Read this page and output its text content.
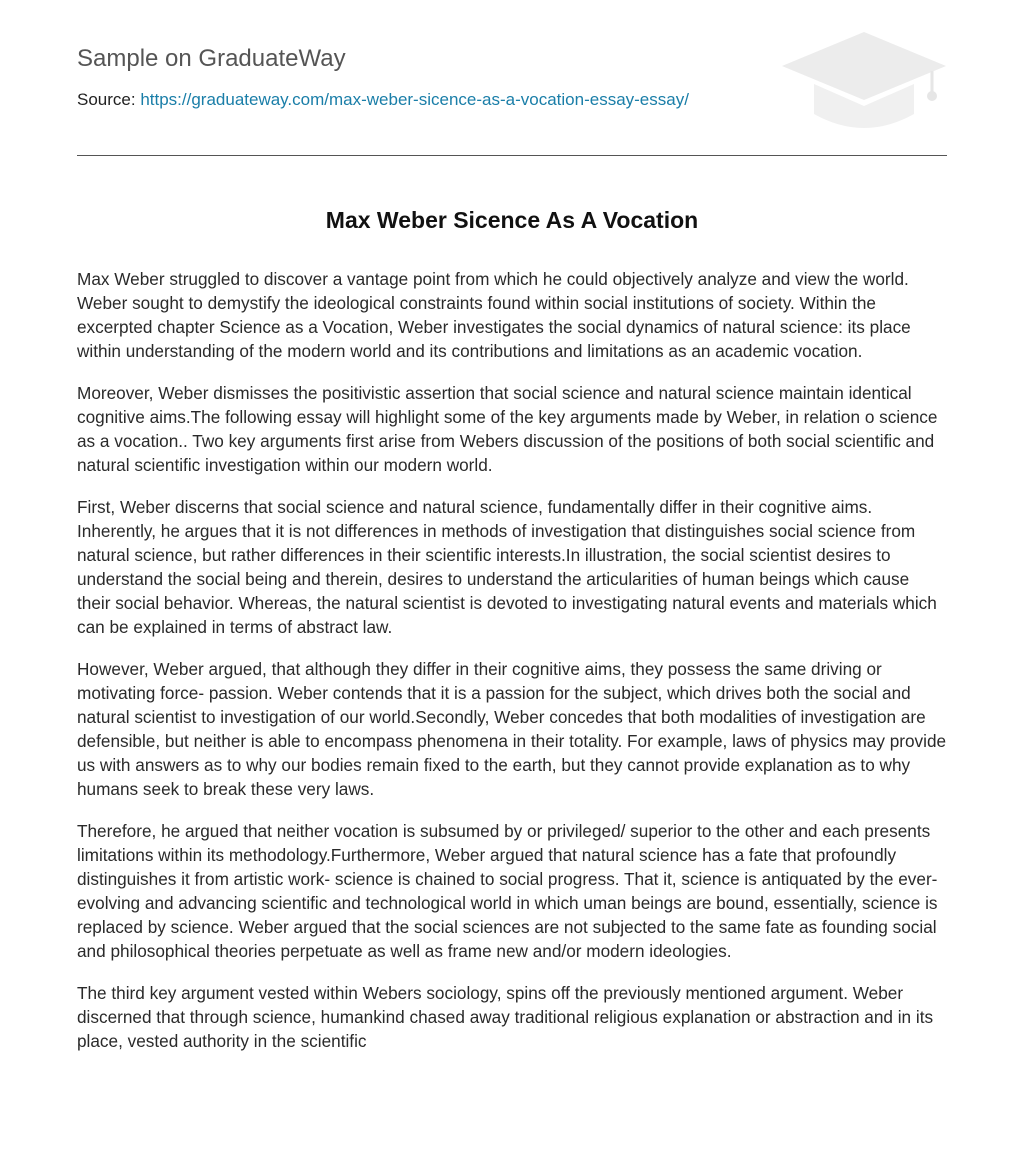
Sample on GraduateWay
Source: https://graduateway.com/max-weber-sicence-as-a-vocation-essay-essay/
Max Weber Sicence As A Vocation

Max Weber struggled to discover a vantage point from which he could objectively analyze and view the world. Weber sought to demystify the ideological constraints found within social institutions of society. Within the excerpted chapter Science as a Vocation, Weber investigates the social dynamics of natural science: its place within understanding of the modern world and its contributions and limitations as an academic vocation.

Moreover, Weber dismisses the positivistic assertion that social science and natural science maintain identical cognitive aims.The following essay will highlight some of the key arguments made by Weber, in relation o science as a vocation.. Two key arguments first arise from Webers discussion of the positions of both social scientific and natural scientific investigation within our modern world.

First, Weber discerns that social science and natural science, fundamentally differ in their cognitive aims. Inherently, he argues that it is not differences in methods of investigation that distinguishes social science from natural science, but rather differences in their scientific interests.In illustration, the social scientist desires to understand the social being and therein, desires to understand the articularities of human beings which cause their social behavior. Whereas, the natural scientist is devoted to investigating natural events and materials which can be explained in terms of abstract law.

However, Weber argued, that although they differ in their cognitive aims, they possess the same driving or motivating force- passion. Weber contends that it is a passion for the subject, which drives both the social and natural scientist to investigation of our world.Secondly, Weber concedes that both modalities of investigation are defensible, but neither is able to encompass phenomena in their totality. For example, laws of physics may provide us with answers as to why our bodies remain fixed to the earth, but they cannot provide explanation as to why humans seek to break these very laws.

Therefore, he argued that neither vocation is subsumed by or privileged/ superior to the other and each presents limitations within its methodology.Furthermore, Weber argued that natural science has a fate that profoundly distinguishes it from artistic work- science is chained to social progress. That it, science is antiquated by the ever- evolving and advancing scientific and technological world in which uman beings are bound, essentially, science is replaced by science. Weber argued that the social sciences are not subjected to the same fate as founding social and philosophical theories perpetuate as well as frame new and/or modern ideologies.

The third key argument vested within Webers sociology, spins off the previously mentioned argument. Weber discerned that through science, humankind chased away traditional religious explanation or abstraction and in its place, vested authority in the scientific
